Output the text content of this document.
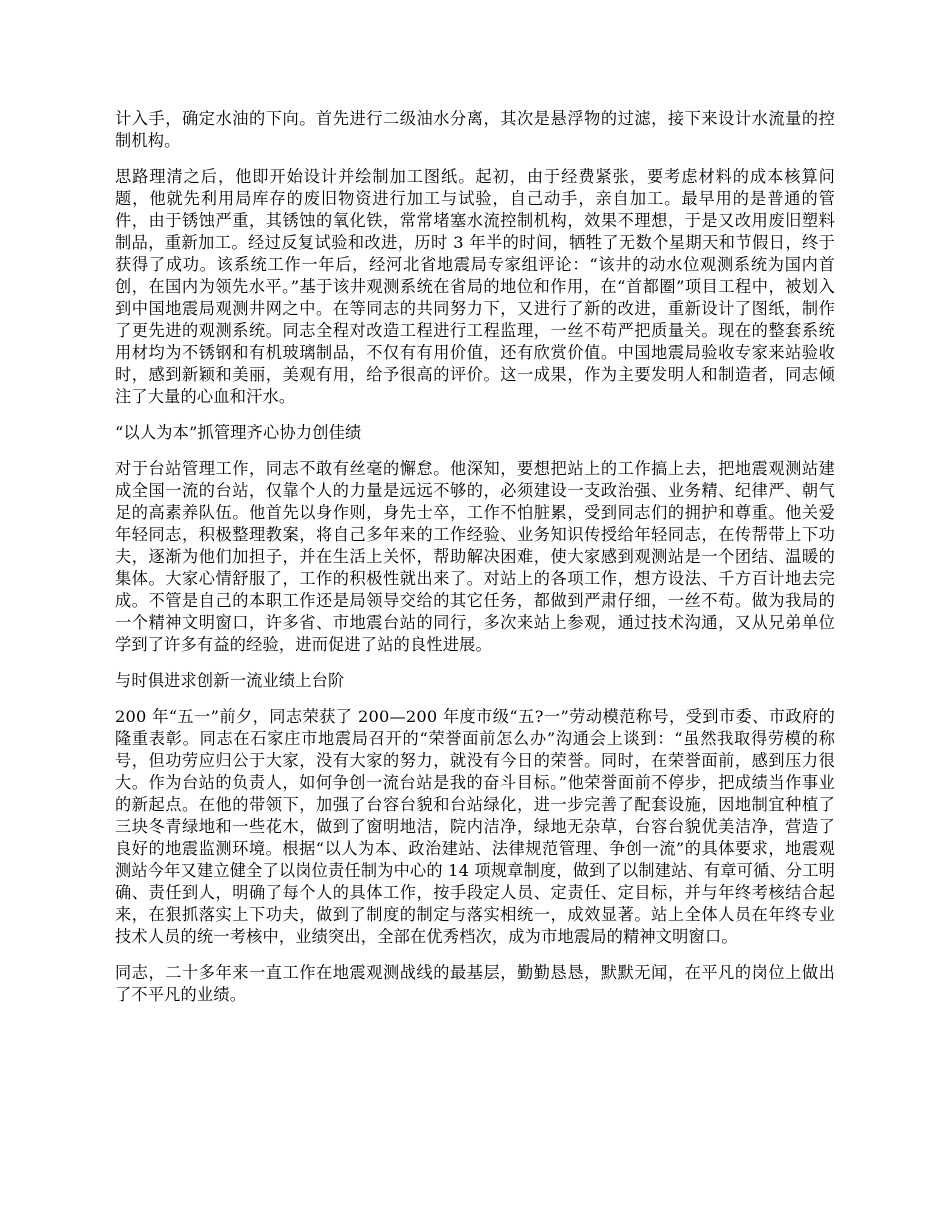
计入手，确定水油的下向。首先进行二级油水分离，其次是悬浮物的过滤，接下来设计水流量的控制机构。

思路理清之后，他即开始设计并绘制加工图纸。起初，由于经费紧张，要考虑材料的成本核算问题，他就先利用局库存的废旧物资进行加工与试验，自己动手，亲自加工。最早用的是普通的管件，由于锈蚀严重，其锈蚀的氧化铁，常常堵塞水流控制机构，效果不理想，于是又改用废旧塑料制品，重新加工。经过反复试验和改进，历时 3 年半的时间，牺牲了无数个星期天和节假日，终于获得了成功。该系统工作一年后，经河北省地震局专家组评论：“该井的动水位观测系统为国内首创，在国内为领先水平。”基于该井观测系统在省局的地位和作用，在“首都圈”项目工程中，被划入到中国地震局观测井网之中。在等同志的共同努力下，又进行了新的改进，重新设计了图纸，制作了更先进的观测系统。同志全程对改造工程进行工程监理，一丝不苟严把质量关。现在的整套系统用材均为不锈钢和有机玻璃制品，不仅有有用价值，还有欣赏价值。中国地震局验收专家来站验收时，感到新颖和美丽，美观有用，给予很高的评价。这一成果，作为主要发明人和制造者，同志倾注了大量的心血和汗水。

“以人为本”抓管理齐心协力创佳绩

对于台站管理工作，同志不敢有丝毫的懈怠。他深知，要想把站上的工作搞上去，把地震观测站建成全国一流的台站，仅靠个人的力量是远远不够的，必须建设一支政治强、业务精、纪律严、朝气足的高素养队伍。他首先以身作则，身先士卒，工作不怕脏累，受到同志们的拥护和尊重。他关爱年轻同志，积极整理教案，将自己多年来的工作经验、业务知识传授给年轻同志，在传帮带上下功夫，逐渐为他们加担子，并在生活上关怀，帮助解决困难，使大家感到观测站是一个团结、温暖的集体。大家心情舒服了，工作的积极性就出来了。对站上的各项工作，想方设法、千方百计地去完成。不管是自己的本职工作还是局领导交给的其它任务，都做到严肃仔细，一丝不苟。做为我局的一个精神文明窗口，许多省、市地震台站的同行，多次来站上参观，通过技术沟通，又从兄弟单位学到了许多有益的经验，进而促进了站的良性进展。

与时俱进求创新一流业绩上台阶

200 年“五一”前夕，同志荣获了 200—200 年度市级“五?一”劳动模范称号，受到市委、市政府的隆重表彰。同志在石家庄市地震局召开的“荣誉面前怎么办”沟通会上谈到：“虽然我取得劳模的称号，但功劳应归公于大家，没有大家的努力，就没有今日的荣誉。同时，在荣誉面前，感到压力很大。作为台站的负责人，如何争创一流台站是我的奋斗目标。”他荣誉面前不停步，把成绩当作事业的新起点。在他的带领下，加强了台容台貌和台站绿化，进一步完善了配套设施，因地制宜种植了三块冬青绿地和一些花木，做到了窗明地洁，院内洁净，绿地无杂草，台容台貌优美洁净，营造了良好的地震监测环境。根据“以人为本、政治建站、法律规范管理、争创一流”的具体要求，地震观测站今年又建立健全了以岗位责任制为中心的 14 项规章制度，做到了以制建站、有章可循、分工明确、责任到人，明确了每个人的具体工作，按手段定人员、定责任、定目标，并与年终考核结合起来，在狠抓落实上下功夫，做到了制度的制定与落实相统一，成效显著。站上全体人员在年终专业技术人员的统一考核中，业绩突出，全部在优秀档次，成为市地震局的精神文明窗口。

同志，二十多年来一直工作在地震观测战线的最基层，勤勤恳恳，默默无闻，在平凡的岗位上做出了不平凡的业绩。
